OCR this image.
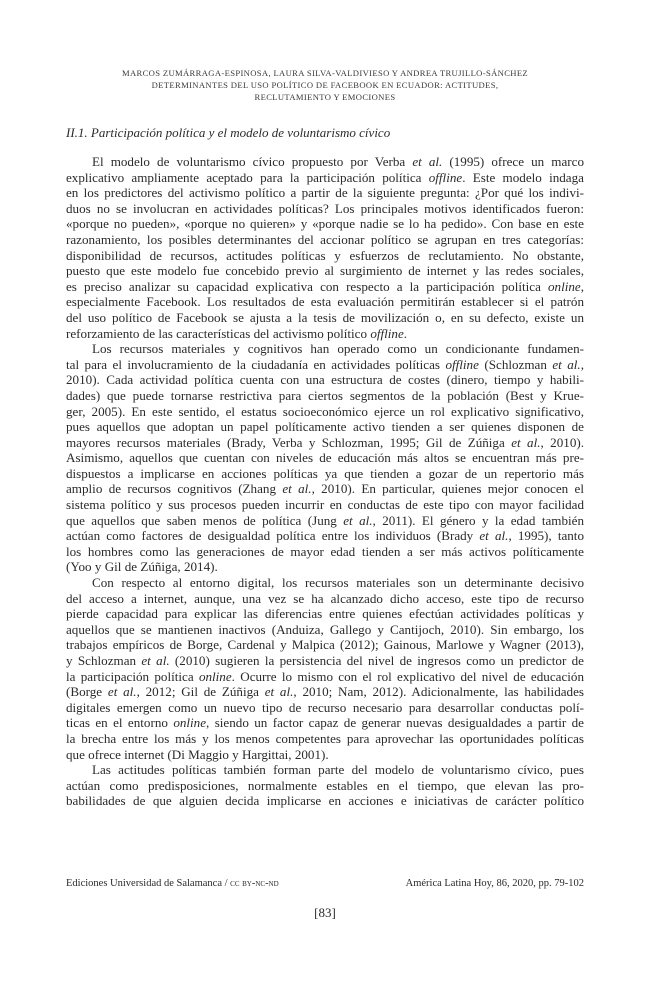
MARCOS ZUMÁRRAGA-ESPINOSA, LAURA SILVA-VALDIVIESO Y ANDREA TRUJILLO-SÁNCHEZ
DETERMINANTES DEL USO POLÍTICO DE FACEBOOK EN ECUADOR: ACTITUDES,
RECLUTAMIENTO Y EMOCIONES
II.1. Participación política y el modelo de voluntarismo cívico
El modelo de voluntarismo cívico propuesto por Verba et al. (1995) ofrece un marco
explicativo ampliamente aceptado para la participación política offline. Este modelo indaga
en los predictores del activismo político a partir de la siguiente pregunta: ¿Por qué los indivi-
duos no se involucran en actividades políticas? Los principales motivos identificados fueron:
«porque no pueden», «porque no quieren» y «porque nadie se lo ha pedido». Con base en este
razonamiento, los posibles determinantes del accionar político se agrupan en tres categorías:
disponibilidad de recursos, actitudes políticas y esfuerzos de reclutamiento. No obstante,
puesto que este modelo fue concebido previo al surgimiento de internet y las redes sociales,
es preciso analizar su capacidad explicativa con respecto a la participación política online,
especialmente Facebook. Los resultados de esta evaluación permitirán establecer si el patrón
del uso político de Facebook se ajusta a la tesis de movilización o, en su defecto, existe un
reforzamiento de las características del activismo político offline.
Los recursos materiales y cognitivos han operado como un condicionante fundamen-
tal para el involucramiento de la ciudadanía en actividades políticas offline (Schlozman et al.,
2010). Cada actividad política cuenta con una estructura de costes (dinero, tiempo y habili-
dades) que puede tornarse restrictiva para ciertos segmentos de la población (Best y Krue-
ger, 2005). En este sentido, el estatus socioeconómico ejerce un rol explicativo significativo,
pues aquellos que adoptan un papel políticamente activo tienden a ser quienes disponen de
mayores recursos materiales (Brady, Verba y Schlozman, 1995; Gil de Zúñiga et al., 2010).
Asimismo, aquellos que cuentan con niveles de educación más altos se encuentran más pre-
dispuestos a implicarse en acciones políticas ya que tienden a gozar de un repertorio más
amplio de recursos cognitivos (Zhang et al., 2010). En particular, quienes mejor conocen el
sistema político y sus procesos pueden incurrir en conductas de este tipo con mayor facilidad
que aquellos que saben menos de política (Jung et al., 2011). El género y la edad también
actúan como factores de desigualdad política entre los individuos (Brady et al., 1995), tanto
los hombres como las generaciones de mayor edad tienden a ser más activos políticamente
(Yoo y Gil de Zúñiga, 2014).
Con respecto al entorno digital, los recursos materiales son un determinante decisivo
del acceso a internet, aunque, una vez se ha alcanzado dicho acceso, este tipo de recurso
pierde capacidad para explicar las diferencias entre quienes efectúan actividades políticas y
aquellos que se mantienen inactivos (Anduiza, Gallego y Cantijoch, 2010). Sin embargo, los
trabajos empíricos de Borge, Cardenal y Malpica (2012); Gainous, Marlowe y Wagner (2013),
y Schlozman et al. (2010) sugieren la persistencia del nivel de ingresos como un predictor de
la participación política online. Ocurre lo mismo con el rol explicativo del nivel de educación
(Borge et al., 2012; Gil de Zúñiga et al., 2010; Nam, 2012). Adicionalmente, las habilidades
digitales emergen como un nuevo tipo de recurso necesario para desarrollar conductas polí-
ticas en el entorno online, siendo un factor capaz de generar nuevas desigualdades a partir de
la brecha entre los más y los menos competentes para aprovechar las oportunidades políticas
que ofrece internet (Di Maggio y Hargittai, 2001).
Las actitudes políticas también forman parte del modelo de voluntarismo cívico, pues
actúan como predisposiciones, normalmente estables en el tiempo, que elevan las pro-
babilidades de que alguien decida implicarse en acciones e iniciativas de carácter político
Ediciones Universidad de Salamanca / cc by-nc-nd	América Latina Hoy, 86, 2020, pp. 79-102
[83]
